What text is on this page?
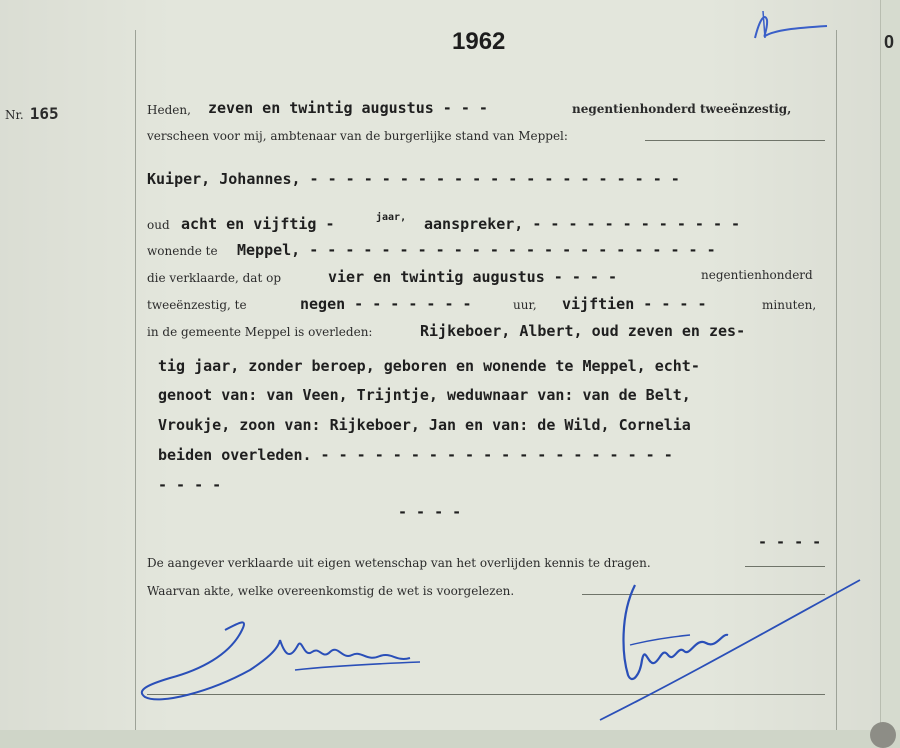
0
1962
Nr. 165	Heden, zeven en twintig augustus - - -	negentienhonderd tweeënzestig,
verscheen voor mij, ambtenaar van de burgerlijke stand van Meppel:
Kuiper, Johannes, - - - - - - - - - - - - - - - - - - - - -
oud acht en vijftig -	jaar, aanspreker, - - - - - - - - - - - -
wonende te Meppel, - - - - - - - - - - - - - - - - - - - - - - -
die verklaarde, dat op	vier en twintig augustus - - - -	negentienhonderd
tweeënzestig, te	negen - - - - - - -	uur, vijftien - - - -	minuten,
in de gemeente Meppel is overleden:	Rijkeboer, Albert, oud zeven en zes-
tig jaar, zonder beroep, geboren en wonende te Meppel, echt-
genoot van: van Veen, Trijntje, weduwnaar van: van de Belt,
Vroukje, zoon van: Rijkeboer, Jan en van: de Wild, Cornelia
beiden overleden. - - - - - - - - - - - - - - - - - - - -
- - - -
- - - -
- - - -
De aangever verklaarde uit eigen wetenschap van het overlijden kennis te dragen.
Waarvan akte, welke overeenkomstig de wet is voorgelezen.
J. Kuiper
Verkerk
